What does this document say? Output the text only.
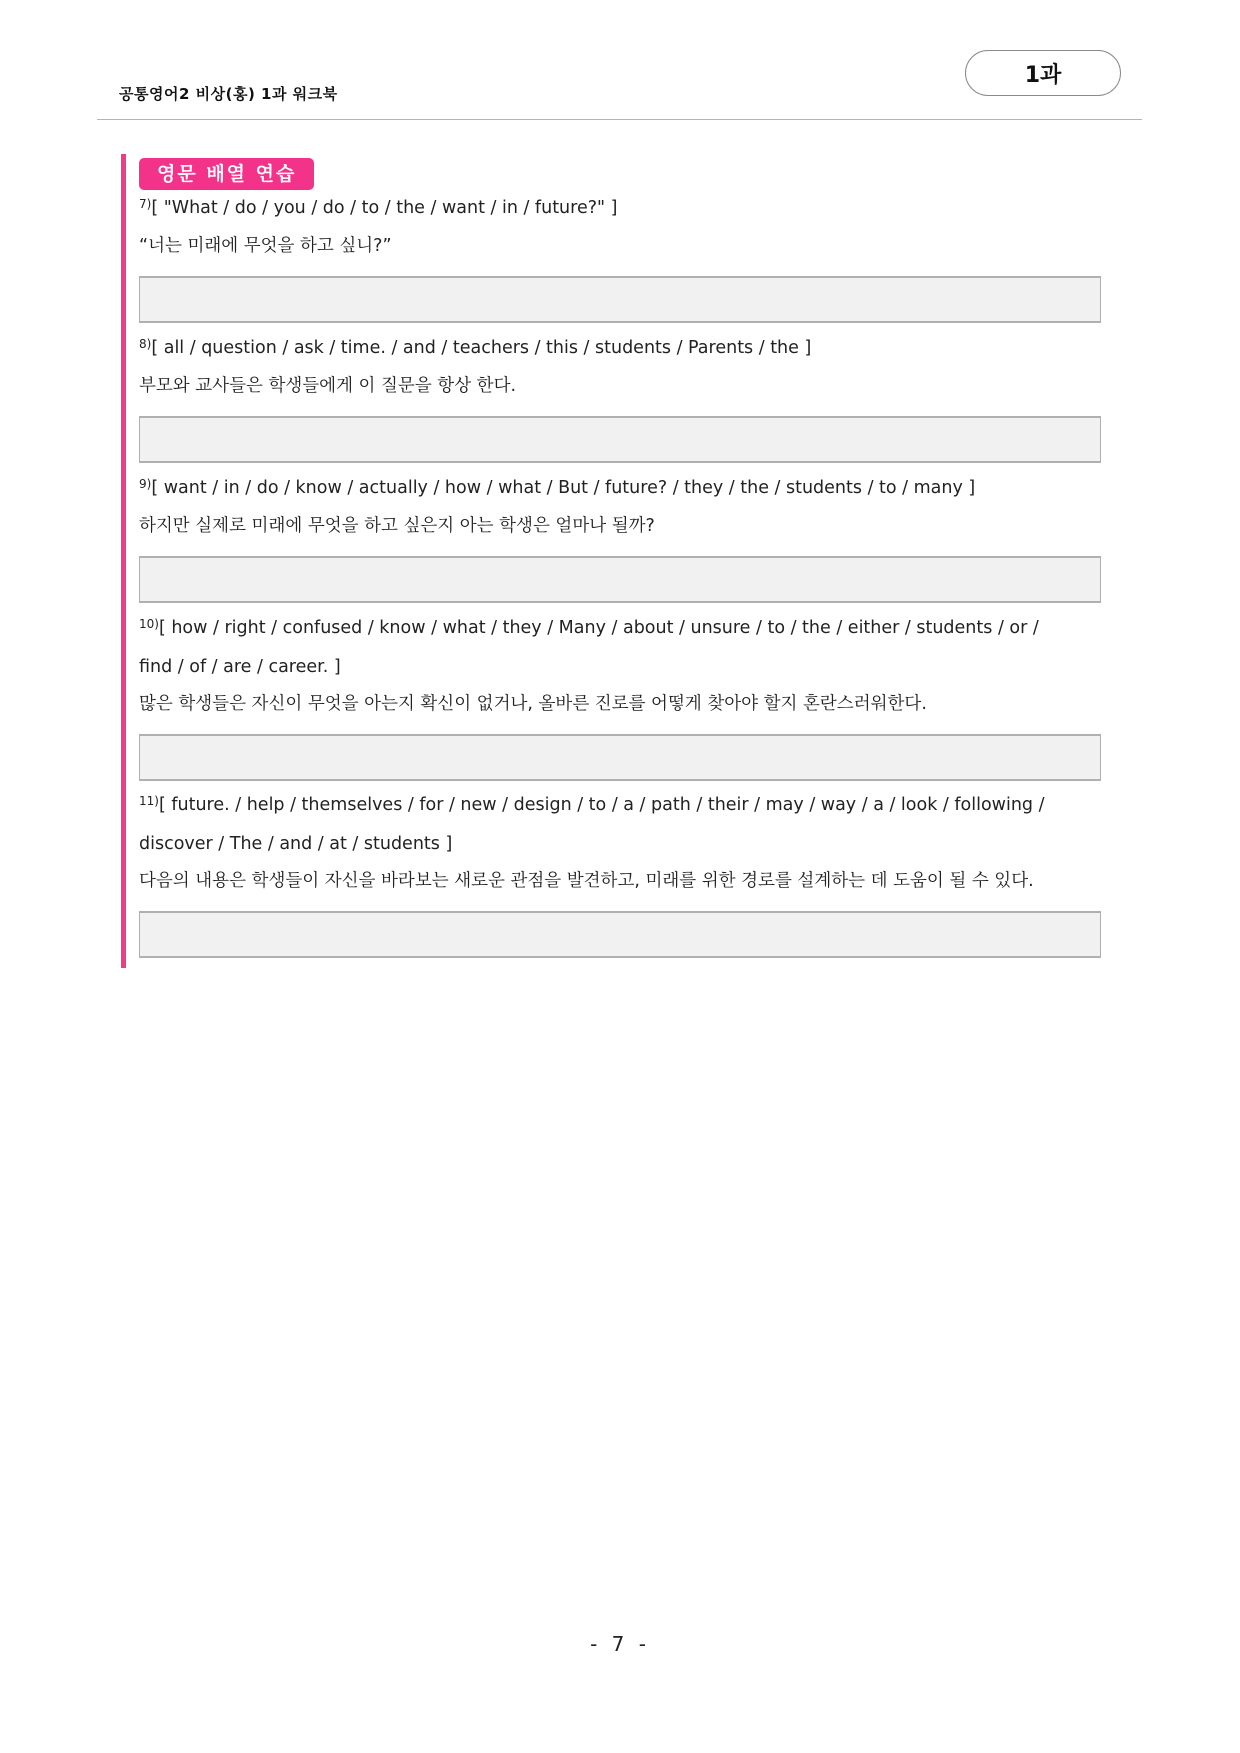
공통영어2 비상(홍) 1과 워크북
1과
영문 배열 연습
$^{7)}$[ "What / do / you / do / to / the / want / in / future?" ]
“너는 미래에 무엇을 하고 싶니?”
$^{8)}$[ all / question / ask / time. / and / teachers / this / students / Parents / the ]
부모와 교사들은 학생들에게 이 질문을 항상 한다.
$^{9)}$[ want / in / do / know / actually / how / what / But / future? / they / the / students / to / many ]
하지만 실제로 미래에 무엇을 하고 싶은지 아는 학생은 얼마나 될까?
$^{10)}$[ how / right / confused / know / what / they / Many / about / unsure / to / the / either / students / or /
find / of / are / career. ]
많은 학생들은 자신이 무엇을 아는지 확신이 없거나, 올바른 진로를 어떻게 찾아야 할지 혼란스러워한다.
$^{11)}$[ future. / help / themselves / for / new / design / to / a / path / their / may / way / a / look / following /
discover / The / and / at / students ]
다음의 내용은 학생들이 자신을 바라보는 새로운 관점을 발견하고, 미래를 위한 경로를 설계하는 데 도움이 될 수 있다.
- 7 -
